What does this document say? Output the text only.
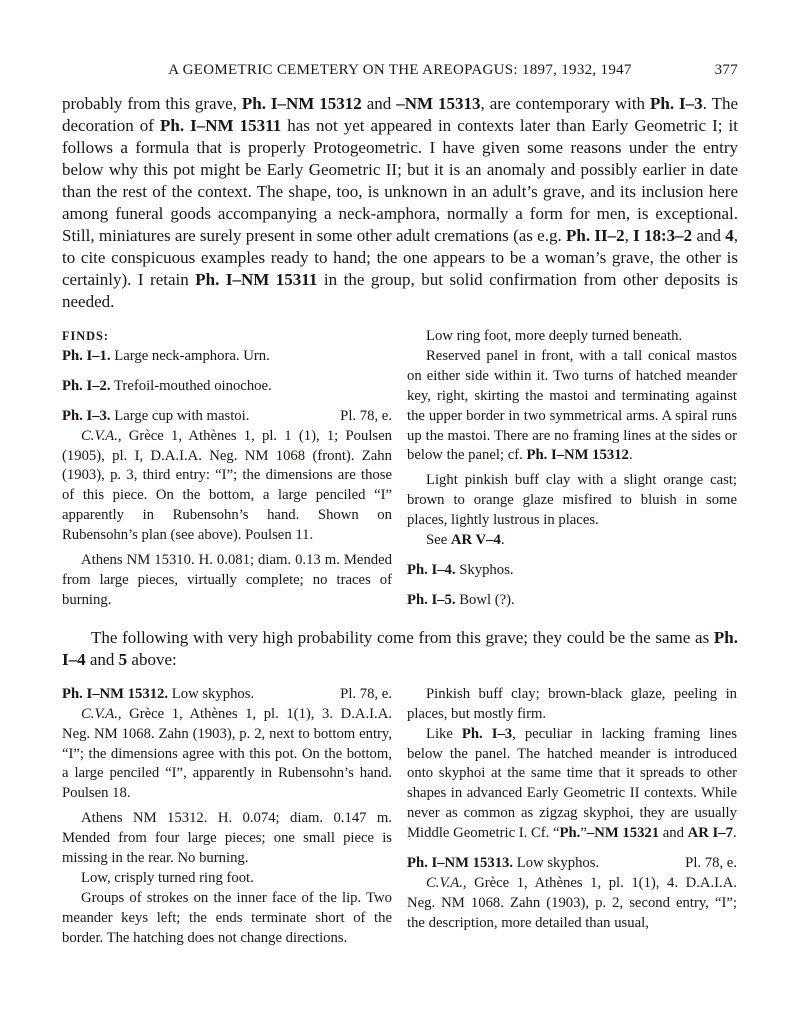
A GEOMETRIC CEMETERY ON THE AREOPAGUS: 1897, 1932, 1947	377

probably from this grave, Ph. I–NM 15312 and –NM 15313, are contemporary with Ph. I–3. The decoration of Ph. I–NM 15311 has not yet appeared in contexts later than Early Geometric I; it follows a formula that is properly Protogeometric. I have given some reasons under the entry below why this pot might be Early Geometric II; but it is an anomaly and possibly earlier in date than the rest of the context. The shape, too, is unknown in an adult’s grave, and its inclusion here among funeral goods accompanying a neck-amphora, normally a form for men, is exceptional. Still, miniatures are surely present in some other adult cremations (as e.g. Ph. II–2, I 18:3–2 and 4, to cite conspicuous examples ready to hand; the one appears to be a woman’s grave, the other is certainly). I retain Ph. I–NM 15311 in the group, but solid confirmation from other deposits is needed.

FINDS:

Ph. I–1. Large neck-amphora. Urn.

Ph. I–2. Trefoil-mouthed oinochoe.

Ph. I–3. Large cup with mastoi.	Pl. 78, e.

C.V.A., Grèce 1, Athènes 1, pl. 1 (1), 1; Poulsen (1905), pl. I, D.A.I.A. Neg. NM 1068 (front). Zahn (1903), p. 3, third entry: “I”; the dimensions are those of this piece. On the bottom, a large penciled “I” apparently in Rubensohn’s hand. Shown on Rubensohn’s plan (see above). Poulsen 11.

Athens NM 15310. H. 0.081; diam. 0.13 m. Mended from large pieces, virtually complete; no traces of burning.

Low ring foot, more deeply turned beneath.

Reserved panel in front, with a tall conical mastos on either side within it. Two turns of hatched meander key, right, skirting the mastoi and terminating against the upper border in two symmetrical arms. A spiral runs up the mastoi. There are no framing lines at the sides or below the panel; cf. Ph. I–NM 15312.

Light pinkish buff clay with a slight orange cast; brown to orange glaze misfired to bluish in some places, lightly lustrous in places.

See AR V–4.

Ph. I–4. Skyphos.

Ph. I–5. Bowl (?).

The following with very high probability come from this grave; they could be the same as Ph. I–4 and 5 above:

Ph. I–NM 15312. Low skyphos.	Pl. 78, e.

C.V.A., Grèce 1, Athènes 1, pl. 1(1), 3. D.A.I.A. Neg. NM 1068. Zahn (1903), p. 2, next to bottom entry, “I”; the dimensions agree with this pot. On the bottom, a large penciled “I”, apparently in Rubensohn’s hand. Poulsen 18.

Athens NM 15312. H. 0.074; diam. 0.147 m. Mended from four large pieces; one small piece is missing in the rear. No burning.

Low, crisply turned ring foot.

Groups of strokes on the inner face of the lip. Two meander keys left; the ends terminate short of the border. The hatching does not change directions.

Pinkish buff clay; brown-black glaze, peeling in places, but mostly firm.

Like Ph. I–3, peculiar in lacking framing lines below the panel. The hatched meander is introduced onto skyphoi at the same time that it spreads to other shapes in advanced Early Geometric II contexts. While never as common as zigzag skyphoi, they are usually Middle Geometric I. Cf. “Ph.”–NM 15321 and AR I–7.

Ph. I–NM 15313. Low skyphos.	Pl. 78, e.

C.V.A., Grèce 1, Athènes 1, pl. 1(1), 4. D.A.I.A. Neg. NM 1068. Zahn (1903), p. 2, second entry, “I”; the description, more detailed than usual,
